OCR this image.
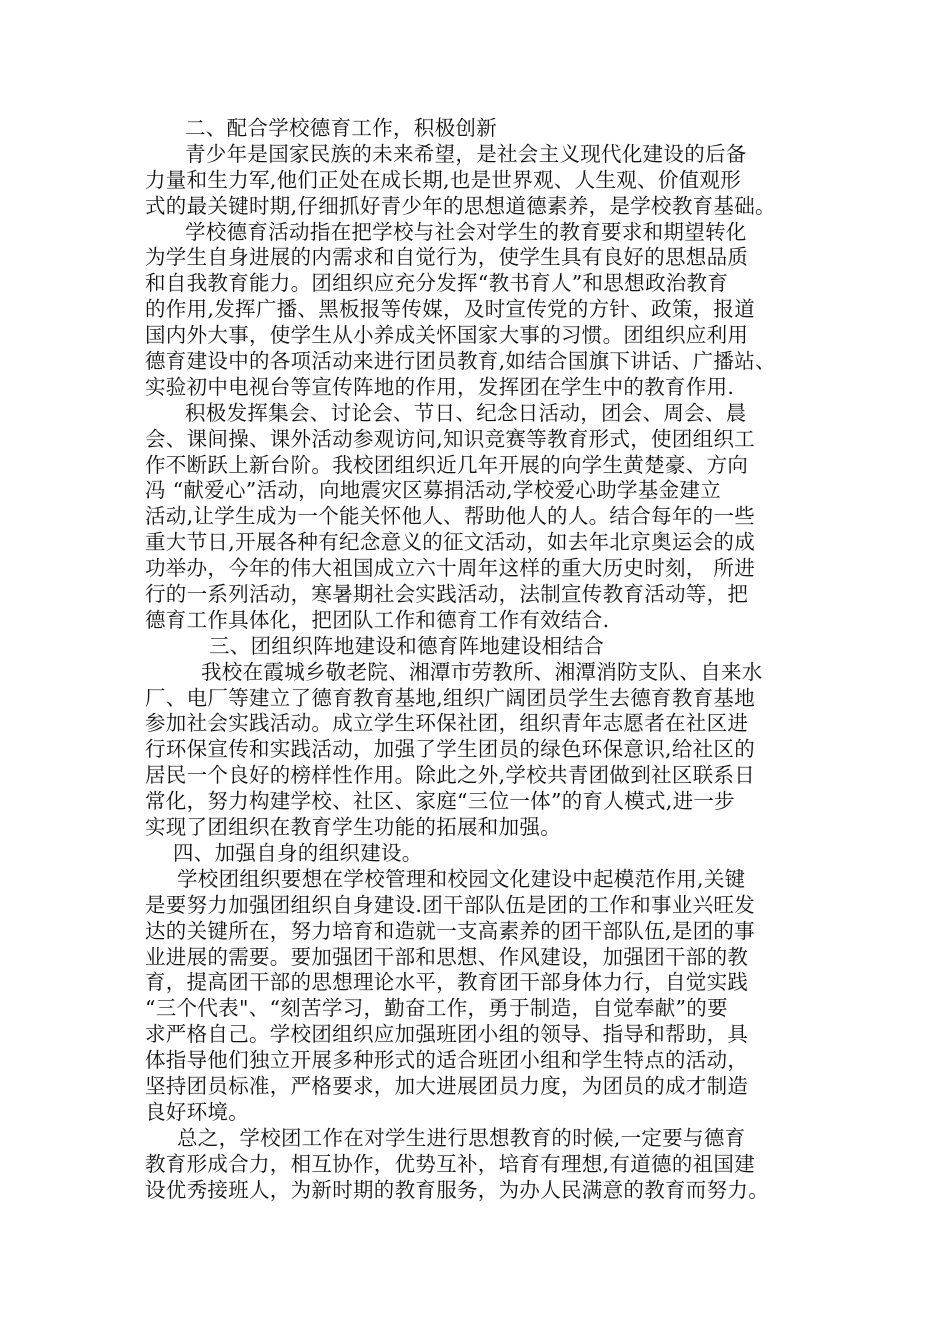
二、配合学校德育工作，积极创新
青少年是国家民族的未来希望，是社会主义现代化建设的后备
力量和生力军,他们正处在成长期,也是世界观、人生观、价值观形
式的最关键时期,仔细抓好青少年的思想道德素养，是学校教育基础。
学校德育活动指在把学校与社会对学生的教育要求和期望转化
为学生自身进展的内需求和自觉行为，使学生具有良好的思想品质
和自我教育能力。团组织应充分发挥“教书育人”和思想政治教育
的作用,发挥广播、黑板报等传媒，及时宣传党的方针、政策，报道
国内外大事，使学生从小养成关怀国家大事的习惯。团组织应利用
德育建设中的各项活动来进行团员教育,如结合国旗下讲话、广播站、
实验初中电视台等宣传阵地的作用，发挥团在学生中的教育作用.
积极发挥集会、讨论会、节日、纪念日活动，团会、周会、晨
会、课间操、课外活动参观访问,知识竞赛等教育形式，使团组织工
作不断跃上新台阶。我校团组织近几年开展的向学生黄楚豪、方向
冯 “献爱心”活动，向地震灾区募捐活动,学校爱心助学基金建立
活动,让学生成为一个能关怀他人、帮助他人的人。结合每年的一些
重大节日,开展各种有纪念意义的征文活动，如去年北京奥运会的成
功举办，今年的伟大祖国成立六十周年这样的重大历史时刻， 所进
行的一系列活动，寒暑期社会实践活动，法制宣传教育活动等，把
德育工作具体化，把团队工作和德育工作有效结合.
三、团组织阵地建设和德育阵地建设相结合
我校在霞城乡敬老院、湘潭市劳教所、湘潭消防支队、自来水
厂、电厂等建立了德育教育基地,组织广阔团员学生去德育教育基地
参加社会实践活动。成立学生环保社团，组织青年志愿者在社区进
行环保宣传和实践活动，加强了学生团员的绿色环保意识,给社区的
居民一个良好的榜样性作用。除此之外,学校共青团做到社区联系日
常化，努力构建学校、社区、家庭“三位一体”的育人模式,进一步
实现了团组织在教育学生功能的拓展和加强。
四、加强自身的组织建设。
学校团组织要想在学校管理和校园文化建设中起模范作用,关键
是要努力加强团组织自身建设.团干部队伍是团的工作和事业兴旺发
达的关键所在，努力培育和造就一支高素养的团干部队伍,是团的事
业进展的需要。要加强团干部和思想、作风建设，加强团干部的教
育，提高团干部的思想理论水平，教育团干部身体力行，自觉实践
“三个代表"、“刻苦学习，勤奋工作，勇于制造，自觉奉献”的要
求严格自己。学校团组织应加强班团小组的领导、指导和帮助，具
体指导他们独立开展多种形式的适合班团小组和学生特点的活动，
坚持团员标准，严格要求，加大进展团员力度，为团员的成才制造
良好环境。
总之，学校团工作在对学生进行思想教育的时候,一定要与德育
教育形成合力，相互协作，优势互补，培育有理想,有道德的祖国建
设优秀接班人，为新时期的教育服务，为办人民满意的教育而努力。
